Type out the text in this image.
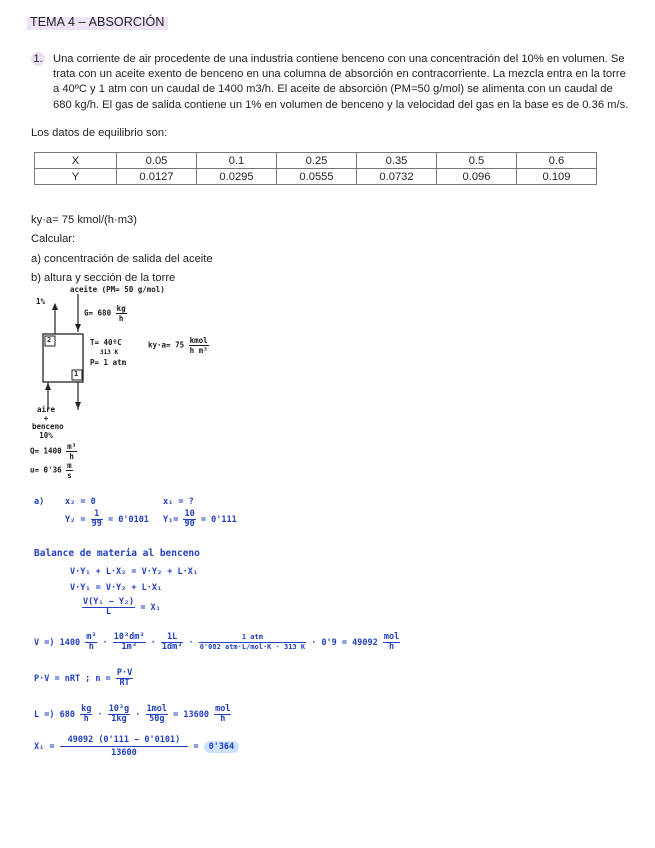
TEMA 4 – ABSORCIÓN
1. Una corriente de air procedente de una industria contiene benceno con una concentración del 10% en volumen. Se trata con un aceite exento de benceno en una columna de absorción en contracorriente. La mezcla entra en la torre a 40ºC y 1 atm con un caudal de 1400 m3/h. El aceite de absorción (PM=50 g/mol) se alimenta con un caudal de 680 kg/h. El gas de salida contiene un 1% en volumen de benceno y la velocidad del gas en la base es de 0.36 m/s.
Los datos de equilibrio son:
X	0.05	0.1	0.25	0.35	0.5	0.6
Y	0.0127	0.0295	0.0555	0.0732	0.096	0.109
ky·a= 75 kmol/(h·m3)
Calcular:
a) concentración de salida del aceite
b) altura y sección de la torre
aceite (PM= 50 g/mol)
1%
$G= 680 \frac{kg}{h}$
2
1
T= 40ºC
313 K
P= 1 atm
$ky\cdot a= 75 \frac{\text{kmol}}{\text{h m³}}$
aire
+
benceno
10%
$Q= 1400 \frac{\text{m³}}{h}$
$u= 0'36 \frac{m}{s}$
a) x₂ = 0	x₁ = ?
$Y_2 = \frac{1}{99} = 0'0101$ $Y_1= \frac{10}{90} = 0'111$
Balance de materia al benceno
V·Y₁ + L·X₂ = V·Y₂ + L·X₁
V·Y₁ = V·Y₂ + L·X₁
$\frac{\text{V(Y₁ − Y₂)}}{L} = X_1$
V =) $1400 \frac{\text{m³}}{h} \cdot \frac{\text{10³dm³}}{\text{1m³}} \cdot \frac{1L}{\text{1dm³}} \cdot \frac{\text{1 atm}}{\text{0'082 atm·L/mol·K · 313 K}} \cdot 0'9 = 49092 \frac{\text{mol}}{h}$
P·V = nRT ; $n = \frac{P\cdot V}{RT}$
L =) $680 \frac{kg}{h} \cdot \frac{\text{10³g}}{1kg} \cdot \frac{\text{1mol}}{50g} = 13600 \frac{\text{mol}}{h}$
$X_1 = \frac{49092 (0'111 - 0'0101)}{13600} = 0'364$
